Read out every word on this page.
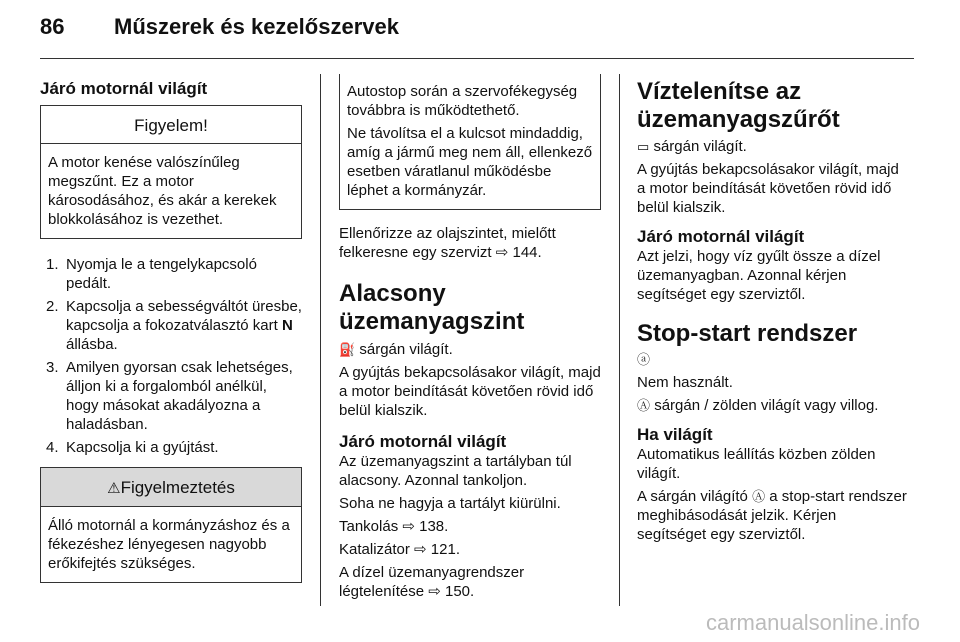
86 Műszerek és kezelőszervek
Járó motornál világít
Figyelem!
A motor kenése valószínűleg megszűnt. Ez a motor károsodásához, és akár a kerekek blokkolásához is vezethet.
1. Nyomja le a tengelykapcsoló pedált.
2. Kapcsolja a sebességváltót üresbe, kapcsolja a fokozatválasztó kart N állásba.
3. Amilyen gyorsan csak lehetséges, álljon ki a forgalomból anélkül, hogy másokat akadályozna a haladásban.
4. Kapcsolja ki a gyújtást.
⚠Figyelmeztetés
Álló motornál a kormányzáshoz és a fékezéshez lényegesen nagyobb erőkifejtés szükséges.

Autostop során a szervofékegység továbbra is működtethető.

Ne távolítsa el a kulcsot mindaddig, amíg a jármű meg nem áll, ellenkező esetben váratlanul működésbe léphet a kormányzár.

Ellenőrizze az olajszintet, mielőtt felkeresne egy szervizt ⇨ 144.

Alacsony üzemanyagszint

⛽ sárgán világít.

A gyújtás bekapcsolásakor világít, majd a motor beindítását követően rövid idő belül kialszik.

Járó motornál világít

Az üzemanyagszint a tartályban túl alacsony. Azonnal tankoljon.

Soha ne hagyja a tartályt kiürülni.

Tankolás ⇨ 138.

Katalizátor ⇨ 121.

A dízel üzemanyagrendszer légtelenítése ⇨ 150.

Víztelenítse az üzemanyagszűrőt

▭ sárgán világít.

A gyújtás bekapcsolásakor világít, majd a motor beindítását követően rövid idő belül kialszik.

Járó motornál világít

Azt jelzi, hogy víz gyűlt össze a dízel üzemanyagban. Azonnal kérjen segítséget egy szerviztől.

Stop-start rendszer

ⓐ

Nem használt.

Ⓐ sárgán / zölden világít vagy villog.

Ha világít

Automatikus leállítás közben zölden világít.

A sárgán világító Ⓐ a stop-start rendszer meghibásodását jelzik. Kérjen segítséget egy szerviztől.

carmanualsonline.info
